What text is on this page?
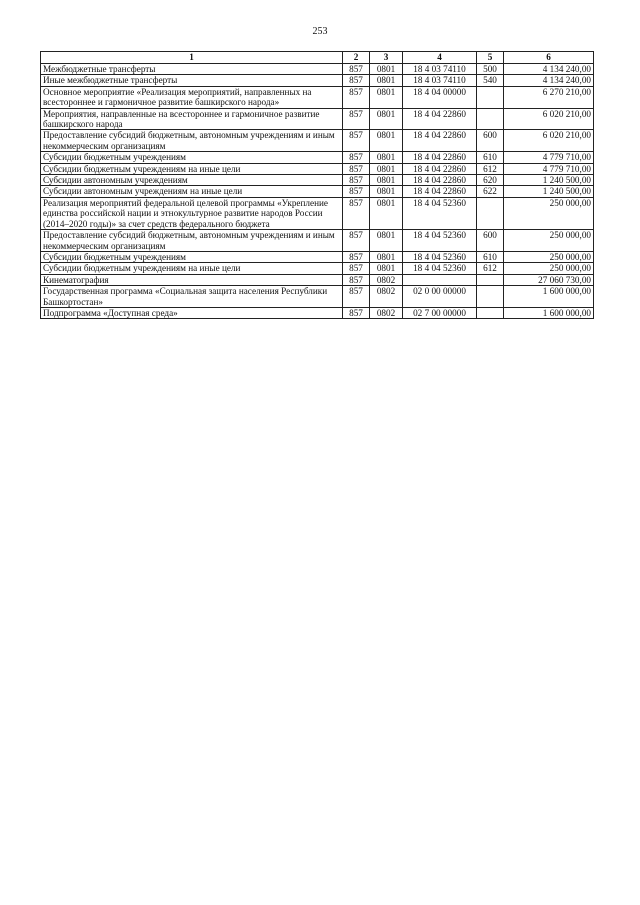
253
1	2	3	4	5	6
Межбюджетные трансферты	857	0801	18 4 03 74110	500	4 134 240,00
Иные межбюджетные трансферты	857	0801	18 4 03 74110	540	4 134 240,00
Основное мероприятие «Реализация мероприятий, направленных на всестороннее и гармоничное развитие башкирского народа»	857	0801	18 4 04 00000		6 270 210,00
Мероприятия, направленные на всестороннее и гармоничное развитие башкирского народа	857	0801	18 4 04 22860		6 020 210,00
Предоставление субсидий бюджетным, автономным учреждениям и иным некоммерческим организациям	857	0801	18 4 04 22860	600	6 020 210,00
Субсидии бюджетным учреждениям	857	0801	18 4 04 22860	610	4 779 710,00
Субсидии бюджетным учреждениям на иные цели	857	0801	18 4 04 22860	612	4 779 710,00
Субсидии автономным учреждениям	857	0801	18 4 04 22860	620	1 240 500,00
Субсидии автономным учреждениям на иные цели	857	0801	18 4 04 22860	622	1 240 500,00
Реализация мероприятий федеральной целевой программы «Укрепление единства российской нации и этнокультурное развитие народов России (2014–2020 годы)» за счет средств федерального бюджета	857	0801	18 4 04 52360		250 000,00
Предоставление субсидий бюджетным, автономным учреждениям и иным некоммерческим организациям	857	0801	18 4 04 52360	600	250 000,00
Субсидии бюджетным учреждениям	857	0801	18 4 04 52360	610	250 000,00
Субсидии бюджетным учреждениям на иные цели	857	0801	18 4 04 52360	612	250 000,00
Кинематография	857	0802			27 060 730,00
Государственная программа «Социальная защита населения Республики Башкортостан»	857	0802	02 0 00 00000		1 600 000,00
Подпрограмма «Доступная среда»	857	0802	02 7 00 00000		1 600 000,00
